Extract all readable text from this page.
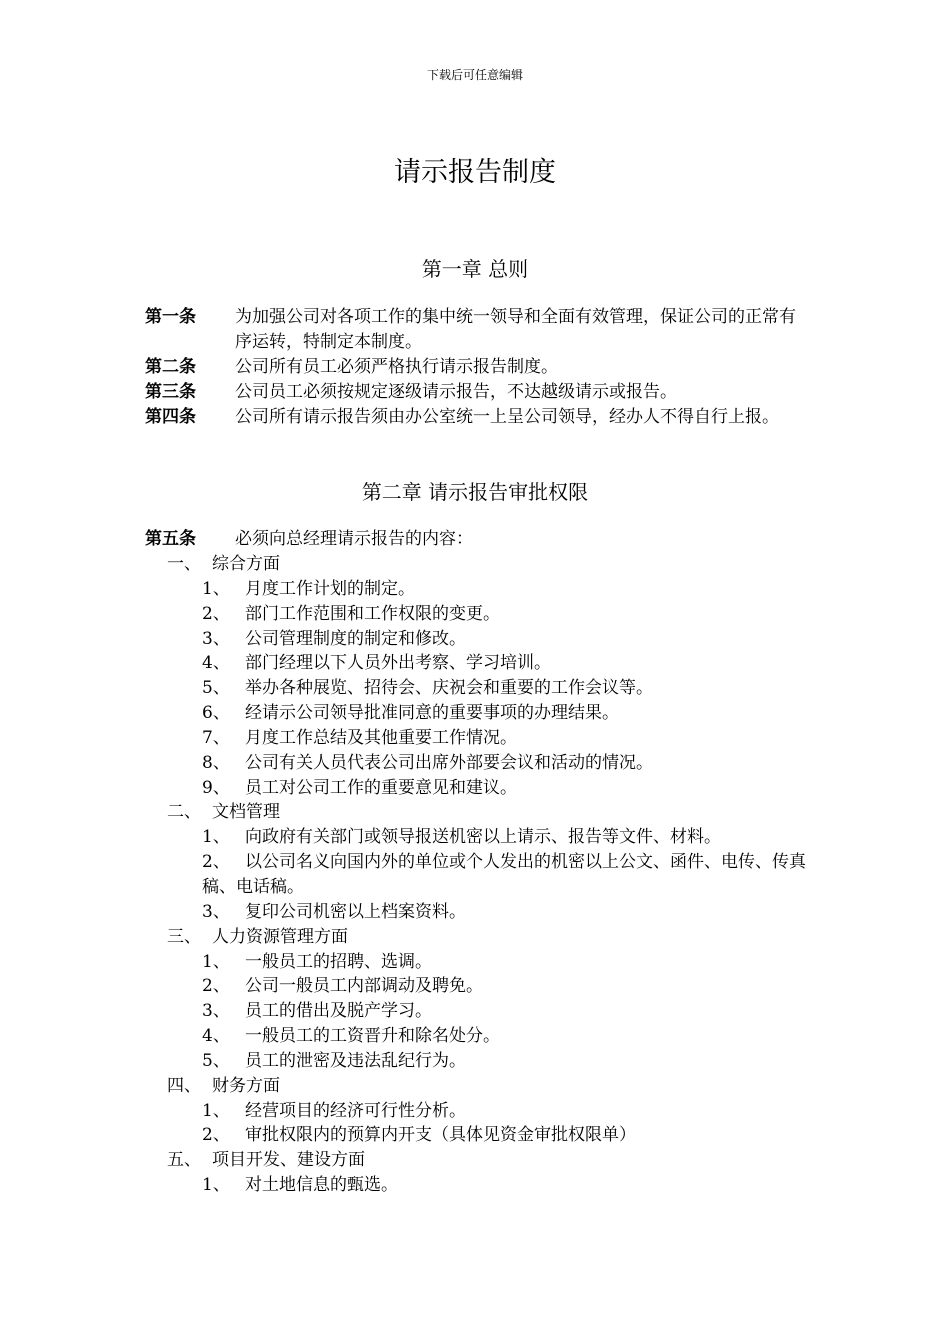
下载后可任意编辑
请示报告制度
第一章 总则
第一条 为加强公司对各项工作的集中统一领导和全面有效管理，保证公司的正常有序运转，特制定本制度。
第二条 公司所有员工必须严格执行请示报告制度。
第三条 公司员工必须按规定逐级请示报告，不达越级请示或报告。
第四条 公司所有请示报告须由办公室统一上呈公司领导，经办人不得自行上报。
第二章 请示报告审批权限
第五条 必须向总经理请示报告的内容：
一、 综合方面
1、 月度工作计划的制定。
2、 部门工作范围和工作权限的变更。
3、 公司管理制度的制定和修改。
4、 部门经理以下人员外出考察、学习培训。
5、 举办各种展览、招待会、庆祝会和重要的工作会议等。
6、 经请示公司领导批准同意的重要事项的办理结果。
7、 月度工作总结及其他重要工作情况。
8、 公司有关人员代表公司出席外部要会议和活动的情况。
9、 员工对公司工作的重要意见和建议。
二、 文档管理
1、 向政府有关部门或领导报送机密以上请示、报告等文件、材料。
2、 以公司名义向国内外的单位或个人发出的机密以上公文、函件、电传、传真稿、电话稿。
3、 复印公司机密以上档案资料。
三、 人力资源管理方面
1、 一般员工的招聘、选调。
2、 公司一般员工内部调动及聘免。
3、 员工的借出及脱产学习。
4、 一般员工的工资晋升和除名处分。
5、 员工的泄密及违法乱纪行为。
四、 财务方面
1、 经营项目的经济可行性分析。
2、 审批权限内的预算内开支（具体见资金审批权限单）
五、 项目开发、建设方面
1、 对土地信息的甄选。
